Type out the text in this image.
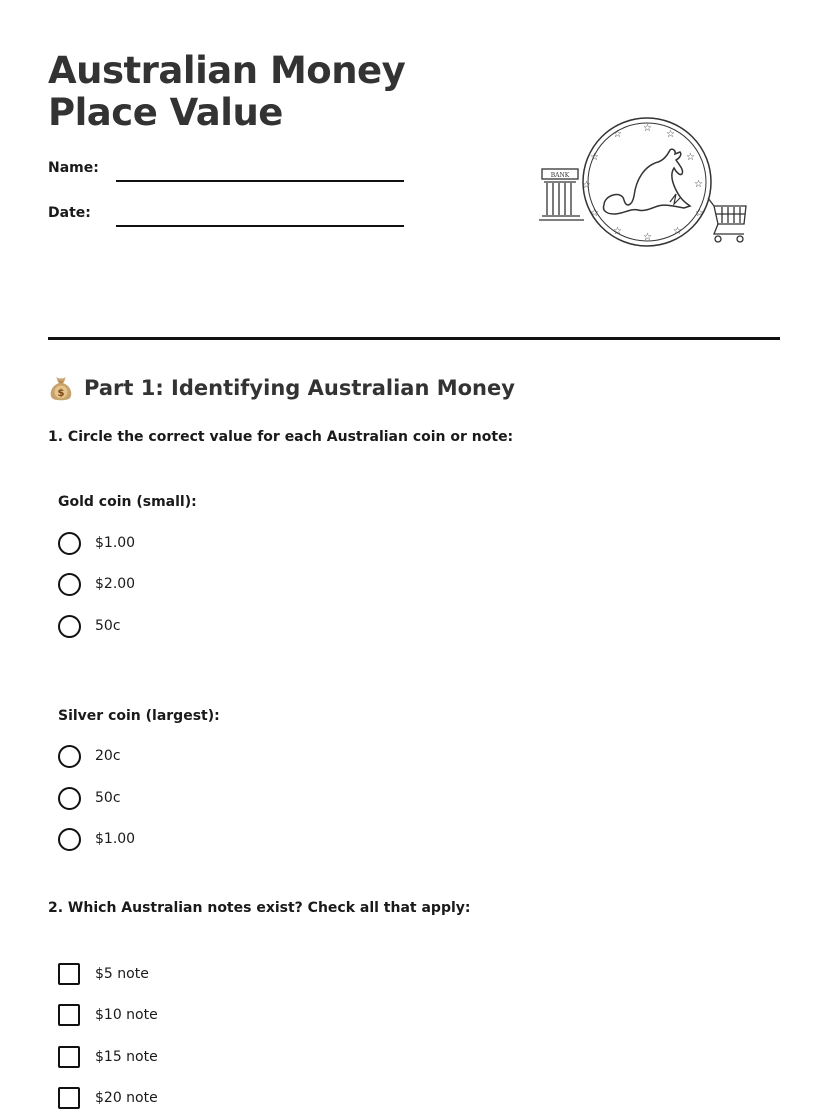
Australian Money Place Value
Name:
Date:
BANK
☆
☆
☆
☆
☆
☆
☆
☆
☆
☆
☆
☆
$ Part 1: Identifying Australian Money
1. Circle the correct value for each Australian coin or note:
Gold coin (small):
$1.00
$2.00
50c
Silver coin (largest):
20c
50c
$1.00
2. Which Australian notes exist? Check all that apply:
$5 note
$10 note
$15 note
$20 note
